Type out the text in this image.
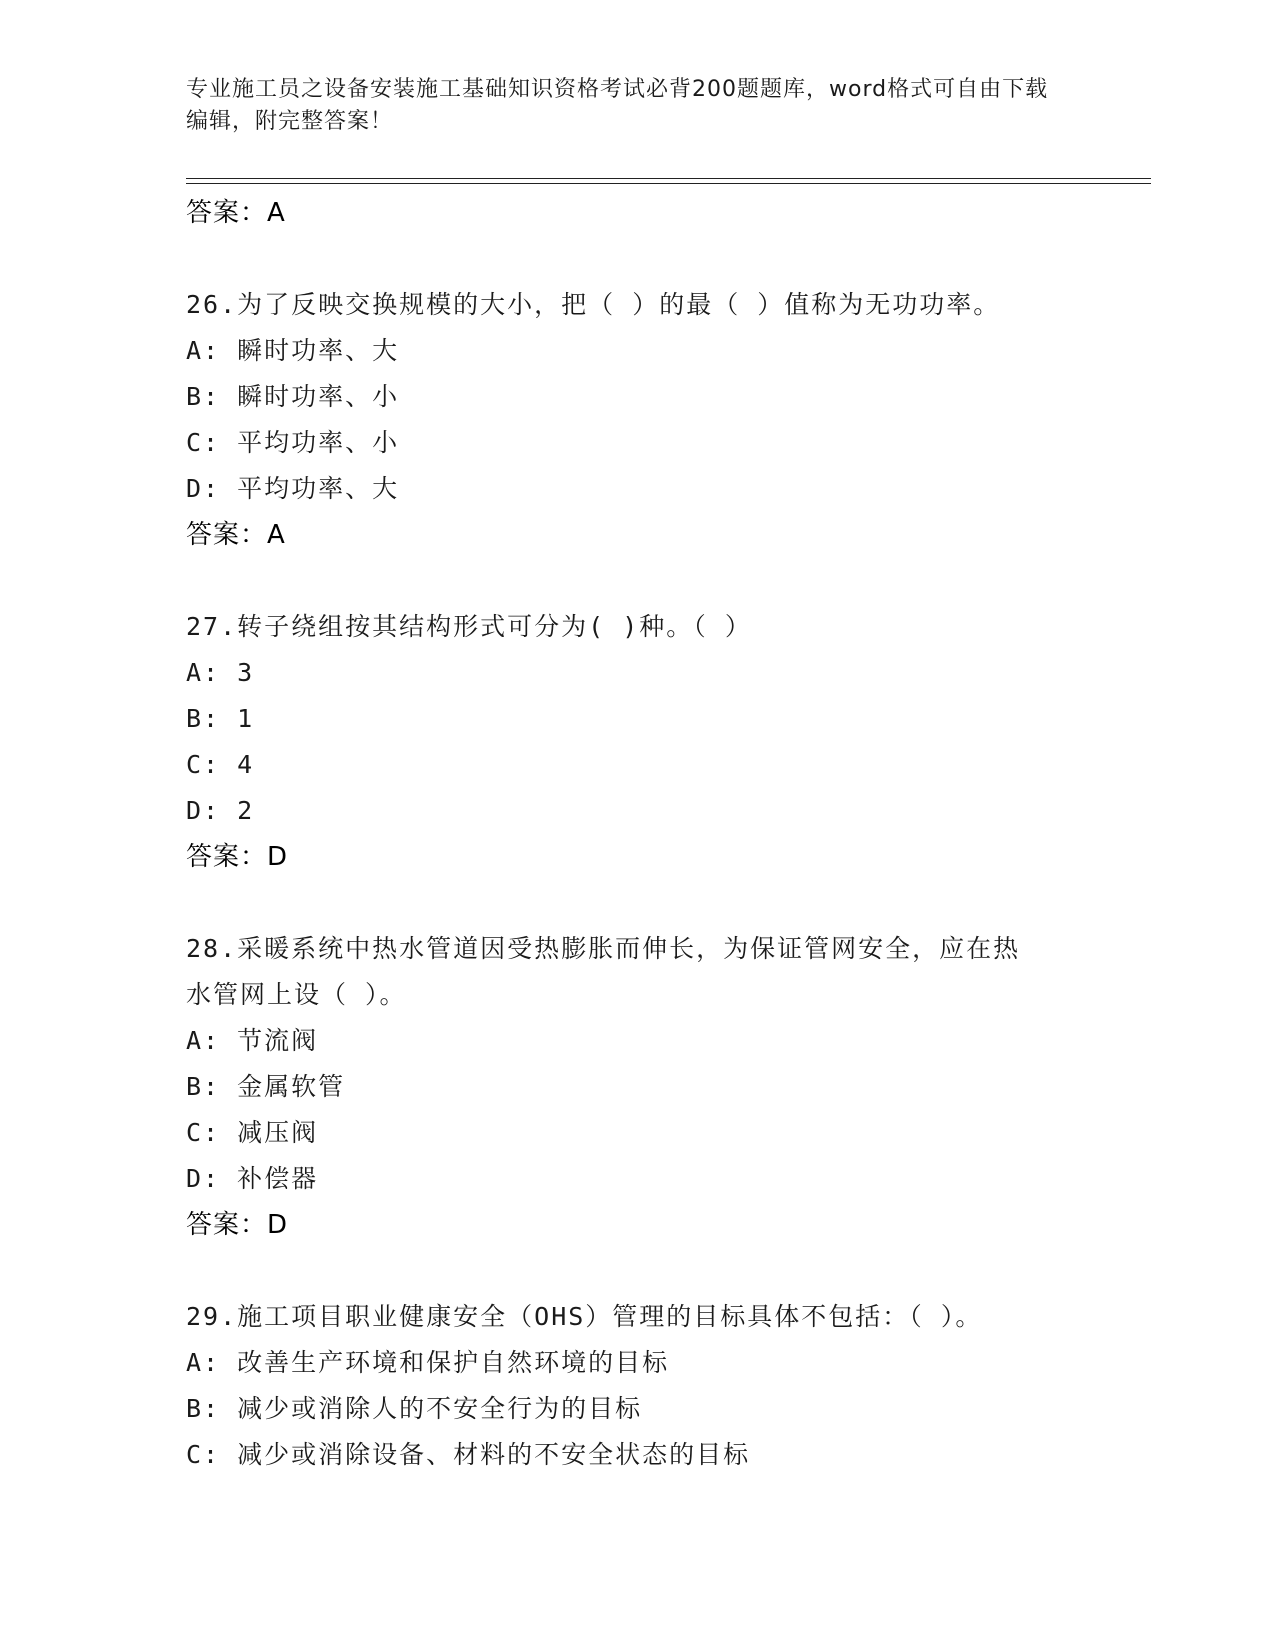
专业施工员之设备安装施工基础知识资格考试必背200题题库，word格式可自由下载编辑，附完整答案！
答案：A
26.为了反映交换规模的大小，把（ ）的最（ ）值称为无功功率。
A: 瞬时功率、大
B: 瞬时功率、小
C: 平均功率、小
D: 平均功率、大
答案：A
27.转子绕组按其结构形式可分为( )种。（ ）
A: 3
B: 1
C: 4
D: 2
答案：D
28.采暖系统中热水管道因受热膨胀而伸长，为保证管网安全，应在热
水管网上设（ ）。
A: 节流阀
B: 金属软管
C: 减压阀
D: 补偿器
答案：D
29.施工项目职业健康安全（OHS）管理的目标具体不包括：（ ）。
A: 改善生产环境和保护自然环境的目标
B: 减少或消除人的不安全行为的目标
C: 减少或消除设备、材料的不安全状态的目标
